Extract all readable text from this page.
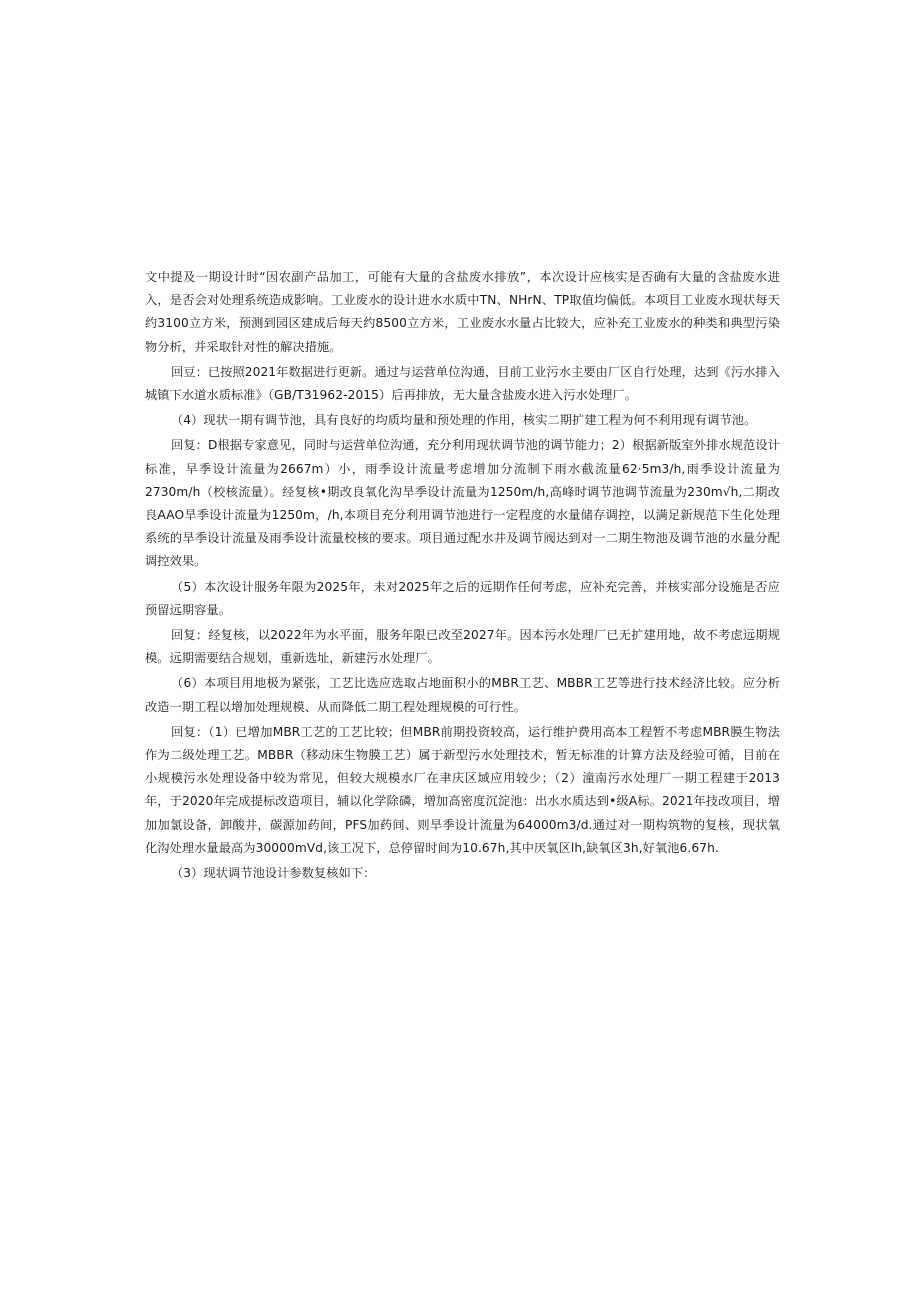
文中提及一期设计时“因农副产品加工，可能有大量的含盐废水排放”，本次设计应核实是否确有大量的含盐废水进入，是否会对处理系统造成影响。工业废水的设计进水水质中TN、NHrN、TP取值均偏低。本项目工业废水现状每天约3100立方米，预测到园区建成后每天约8500立方米，工业废水水量占比较大，应补充工业废水的种类和典型污染物分析，并采取针对性的解决措施。

回豆：已按照2021年数据进行更新。通过与运营单位沟通，目前工业污水主要由厂区自行处理，达到《污水排入城镇下水道水质标准》（GB/T31962-2015）后再排放，无大量含盐废水进入污水处理厂。

（4）现状一期有调节池，具有良好的均质均量和预处理的作用，核实二期扩建工程为何不利用现有调节池。

回复：D根据专家意见，同时与运营单位沟通，充分利用现状调节池的调节能力；2）根据新版室外排水规范设计标准，早季设计流量为2667m）小，雨季设计流量考虑增加分流制下雨水截流量62·5m3/h,雨季设计流量为2730m/h（校核流量）。经复核•期改良氧化沟旱季设计流量为1250m/h,高峰时调节池调节流量为230m√h,二期改良AAO旱季设计流量为1250m，/h,本项目充分利用调节池进行一定程度的水量储存调控，以满足新规范下生化处理系统的旱季设计流量及雨季设计流量校核的要求。项目通过配水井及调节阀达到对一二期生物池及调节池的水量分配调控效果。

（5）本次设计服务年限为2025年，未对2025年之后的远期作任何考虑，应补充完善，并核实部分设施是否应预留远期容量。

回复：经复核，以2022年为水平面，服务年限已改至2027年。因本污水处理厂已无扩建用地，故不考虑远期规模。远期需要结合规划，重新选址，新建污水处理厂。

（6）本项目用地极为紧张，工艺比选应选取占地面积小的MBR工艺、MBBR工艺等进行技术经济比较。应分析改造一期工程以增加处理规模、从而降低二期工程处理规模的可行性。

回复：（1）已增加MBR工艺的工艺比较；但MBR前期投资较高，运行维护费用高本工程暂不考虑MBR膜生物法作为二级处理工艺。MBBR（移动床生物膜工艺）属于新型污水处理技术，暂无标准的计算方法及经验可循，目前在小规模污水处理设备中较为常见，但较大规模水厂在聿庆区域应用较少；（2）潼南污水处理厂一期工程建于2013年，于2020年完成提标改造项目，辅以化学除磷，增加高密度沉淀池：出水水质达到•级A标。2021年技改项目，增加加氯设备，卸酸井，碳源加药间，PFS加药间、则旱季设计流量为64000m3/d.通过对一期构筑物的复核，现状氧化沟处理水量最高为30000mVd,该工况下，总停留时间为10.67h,其中厌氧区lh,缺氧区3h,好氧池6.67h.

（3）现状调节池设计参数复核如下：
